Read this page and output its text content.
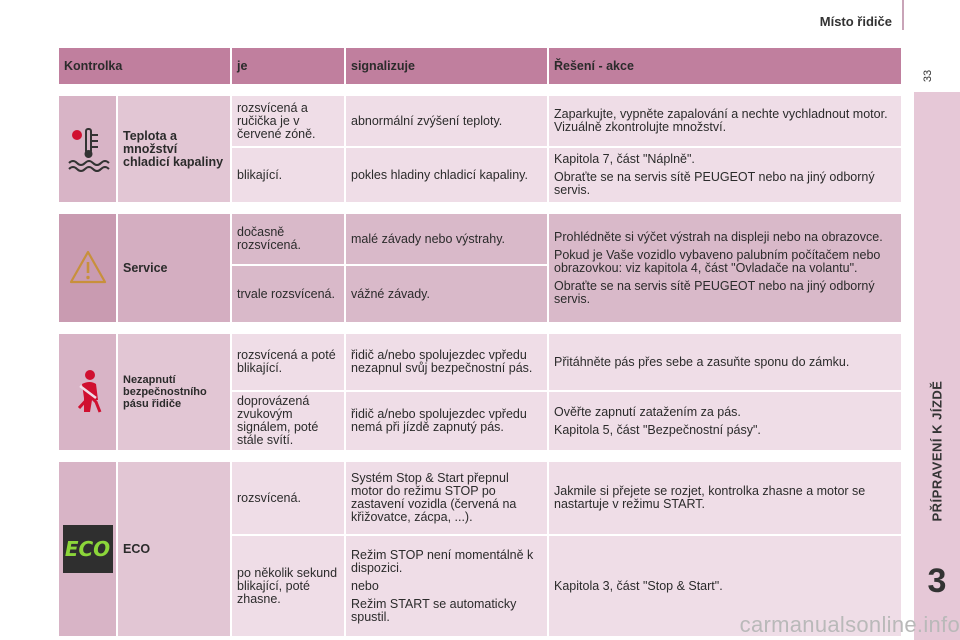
Místo řidiče
33
PŘÍPRAVENÍ K JÍZDĚ
3
Kontrolka		je	signalizuje	Řešení - akce

	Teplota a množství chladicí kapaliny	rozsvícená a ručička je v červené zóně.	abnormální zvýšení teploty.	Zaparkujte, vypněte zapalování a nechte vychladnout motor. Vizuálně zkontrolujte množství.

		blikající.	pokles hladiny chladicí kapaliny.	Kapitola 7, část "Náplně".

Obraťte se na servis sítě PEUGEOT nebo na jiný odborný servis.

	Service	dočasně rozsvícená.	malé závady nebo výstrahy.	Prohlédněte si výčet výstrah na displeji nebo na obrazovce.

Pokud je Vaše vozidlo vybaveno palubním počítačem nebo obrazovkou: viz kapitola 4, část "Ovladače na volantu".

Obraťte se na servis sítě PEUGEOT nebo na jiný odborný servis.

		trvale rozsvícená.	vážné závady.	

	Nezapnutí bezpečnostního pásu řidiče	rozsvícená a poté blikající.	řidič a/nebo spolujezdec vpředu nezapnul svůj bezpečnostní pás.	Přitáhněte pás přes sebe a zasuňte sponu do zámku.

		doprovázená zvukovým signálem, poté stále svítí.	řidič a/nebo spolujezdec vpředu nemá při jízdě zapnutý pás.	Ověřte zapnutí zatažením za pás.

Kapitola 5, část "Bezpečnostní pásy".

ECO	ECO	rozsvícená.	Systém Stop & Start přepnul motor do režimu STOP po zastavení vozidla (červená na křižovatce, zácpa, ...).	Jakmile si přejete se rozjet, kontrolka zhasne a motor se nastartuje v režimu START.

		po několik sekund blikající, poté zhasne.	Režim STOP není momentálně k dispozici.

nebo

Režim START se automaticky spustil.	Kapitola 3, část "Stop & Start".

carmanualsonline.info
